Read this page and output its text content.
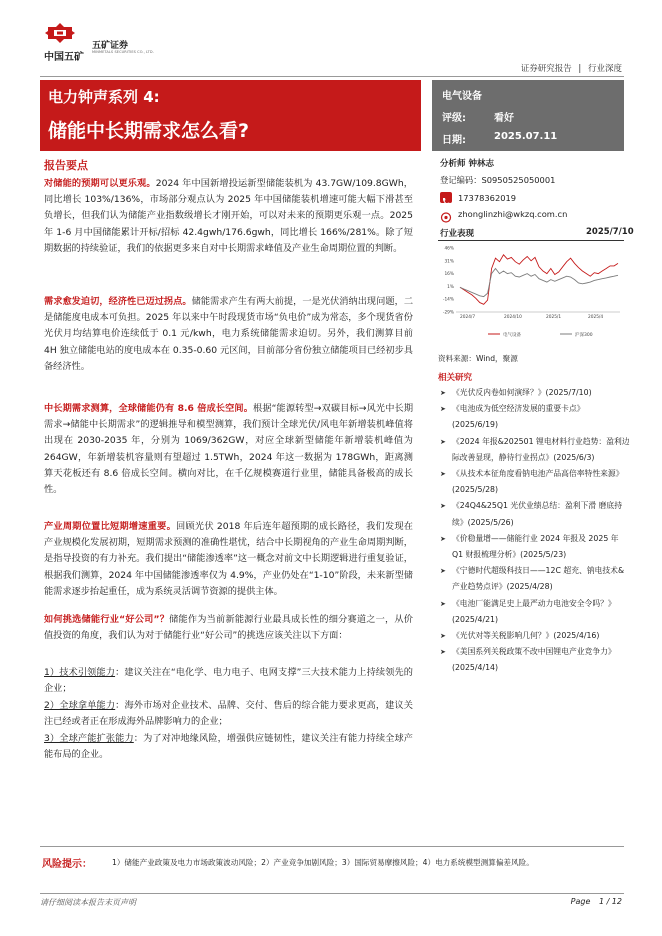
中国五矿
五矿证券
MINMETALS SECURITIES CO., LTD.
证券研究报告 | 行业深度
电力钟声系列 4:
储能中长期需求怎么看?
电气设备
评级:	看好
日期:	2025.07.11
报告要点
对储能的预期可以更乐观。2024 年中国新增投运新型储能装机为 43.7GW/109.8GWh，同比增长 103%/136%，市场部分观点认为 2025 年中国储能装机增速可能大幅下滑甚至负增长，但我们认为储能产业指数级增长才刚开始，可以对未来的预期更乐观一点。2025 年 1-6 月中国储能累计开标/招标 42.4gwh/176.6gwh，同比增长 166%/281%。除了短期数据的持续验证，我们的依据更多来自对中长期需求峰值及产业生命周期位置的判断。
需求愈发迫切，经济性已迈过拐点。储能需求产生有两大前提，一是光伏消纳出现问题，二是储能度电成本可负担。2025 年以来中午时段现货市场“负电价”成为常态，多个现货省份光伏月均结算电价连续低于 0.1 元/kwh，电力系统储能需求迫切。另外，我们测算目前 4H 独立储能电站的度电成本在 0.35-0.60 元区间，目前部分省份独立储能项目已经初步具备经济性。
中长期需求测算，全球储能仍有 8.6 倍成长空间。根据“能源转型→双碳目标→风光中长期需求→储能中长期需求”的逻辑推导和模型测算，我们预计全球光伏/风电年新增装机峰值将出现在 2030-2035 年，分别为 1069/362GW，对应全球新型储能年新增装机峰值为 264GW，年新增装机容量则有望超过 1.5TWh，2024 年这一数据为 178GWh，距离测算天花板还有 8.6 倍成长空间。横向对比，在千亿规模赛道行业里，储能具备极高的成长性。
产业周期位置比短期增速重要。回顾光伏 2018 年后连年超预期的成长路径，我们发现在产业规模化发展初期，短期需求预测的准确性堪忧，结合中长期视角的产业生命周期判断，是指导投资的有力补充。我们提出“储能渗透率”这一概念对前文中长期逻辑进行重复验证，根据我们测算，2024 年中国储能渗透率仅为 4.9%，产业仍处在“1-10”阶段，未来新型储能需求逐步抬起重任，成为系统灵活调节资源的提供主体。
如何挑选储能行业“好公司”？储能作为当前新能源行业最具成长性的细分赛道之一，从价值投资的角度，我们认为对于储能行业“好公司”的挑选应该关注以下方面：
1）技术引领能力：建议关注在“电化学、电力电子、电网支撑”三大技术能力上持续领先的企业；
2）全球拿单能力：海外市场对企业技术、品牌、交付、售后的综合能力要求更高，建议关注已经或者正在形成海外品牌影响力的企业；
3）全球产能扩张能力：为了对冲地缘风险，增强供应链韧性，建议关注有能力持续全球产能布局的企业。
分析师 钟林志
登记编码：S0950525050001
17378362019
zhonglinzhi@wkzq.com.cn
行业表现	2025/7/10
46%
31%
16%
1%
-14%
-29%
2024/7	2024/10	2025/1	2025/4
电气设备	沪深300
资料来源：Wind，聚源
相关研究
➤ 《光伏反内卷如何演绎？》(2025/7/10)
➤ 《电池成为低空经济发展的重要卡点》(2025/6/19)
➤ 《2024 年报&202501 锂电材料行业趋势：盈利边际改善显现，静待行业拐点》(2025/6/3)
➤ 《从技术本征角度看钠电池产品高倍率特性来源》(2025/5/28)
➤ 《24Q4&25Q1 光伏业绩总结：盈利下滑 磨底持续》(2025/5/26)
➤ 《价稳量增——储能行业 2024 年报及 2025 年 Q1 财报梳理分析》(2025/5/23)
➤ 《宁德时代超级科技日——12C 超充、钠电技术&产业趋势点评》(2025/4/28)
➤ 《电池厂能满足史上最严动力电池安全令吗？》(2025/4/21)
➤ 《光伏对等关税影响几何？》(2025/4/16)
➤ 《美国系列关税政策不改中国锂电产业竞争力》(2025/4/14)
风险提示：	1）储能产业政策及电力市场政策波动风险；2）产业竞争加剧风险；3）国际贸易摩擦风险；4）电力系统模型测算偏差风险。
请仔细阅读本报告末页声明	Page 1 / 12
